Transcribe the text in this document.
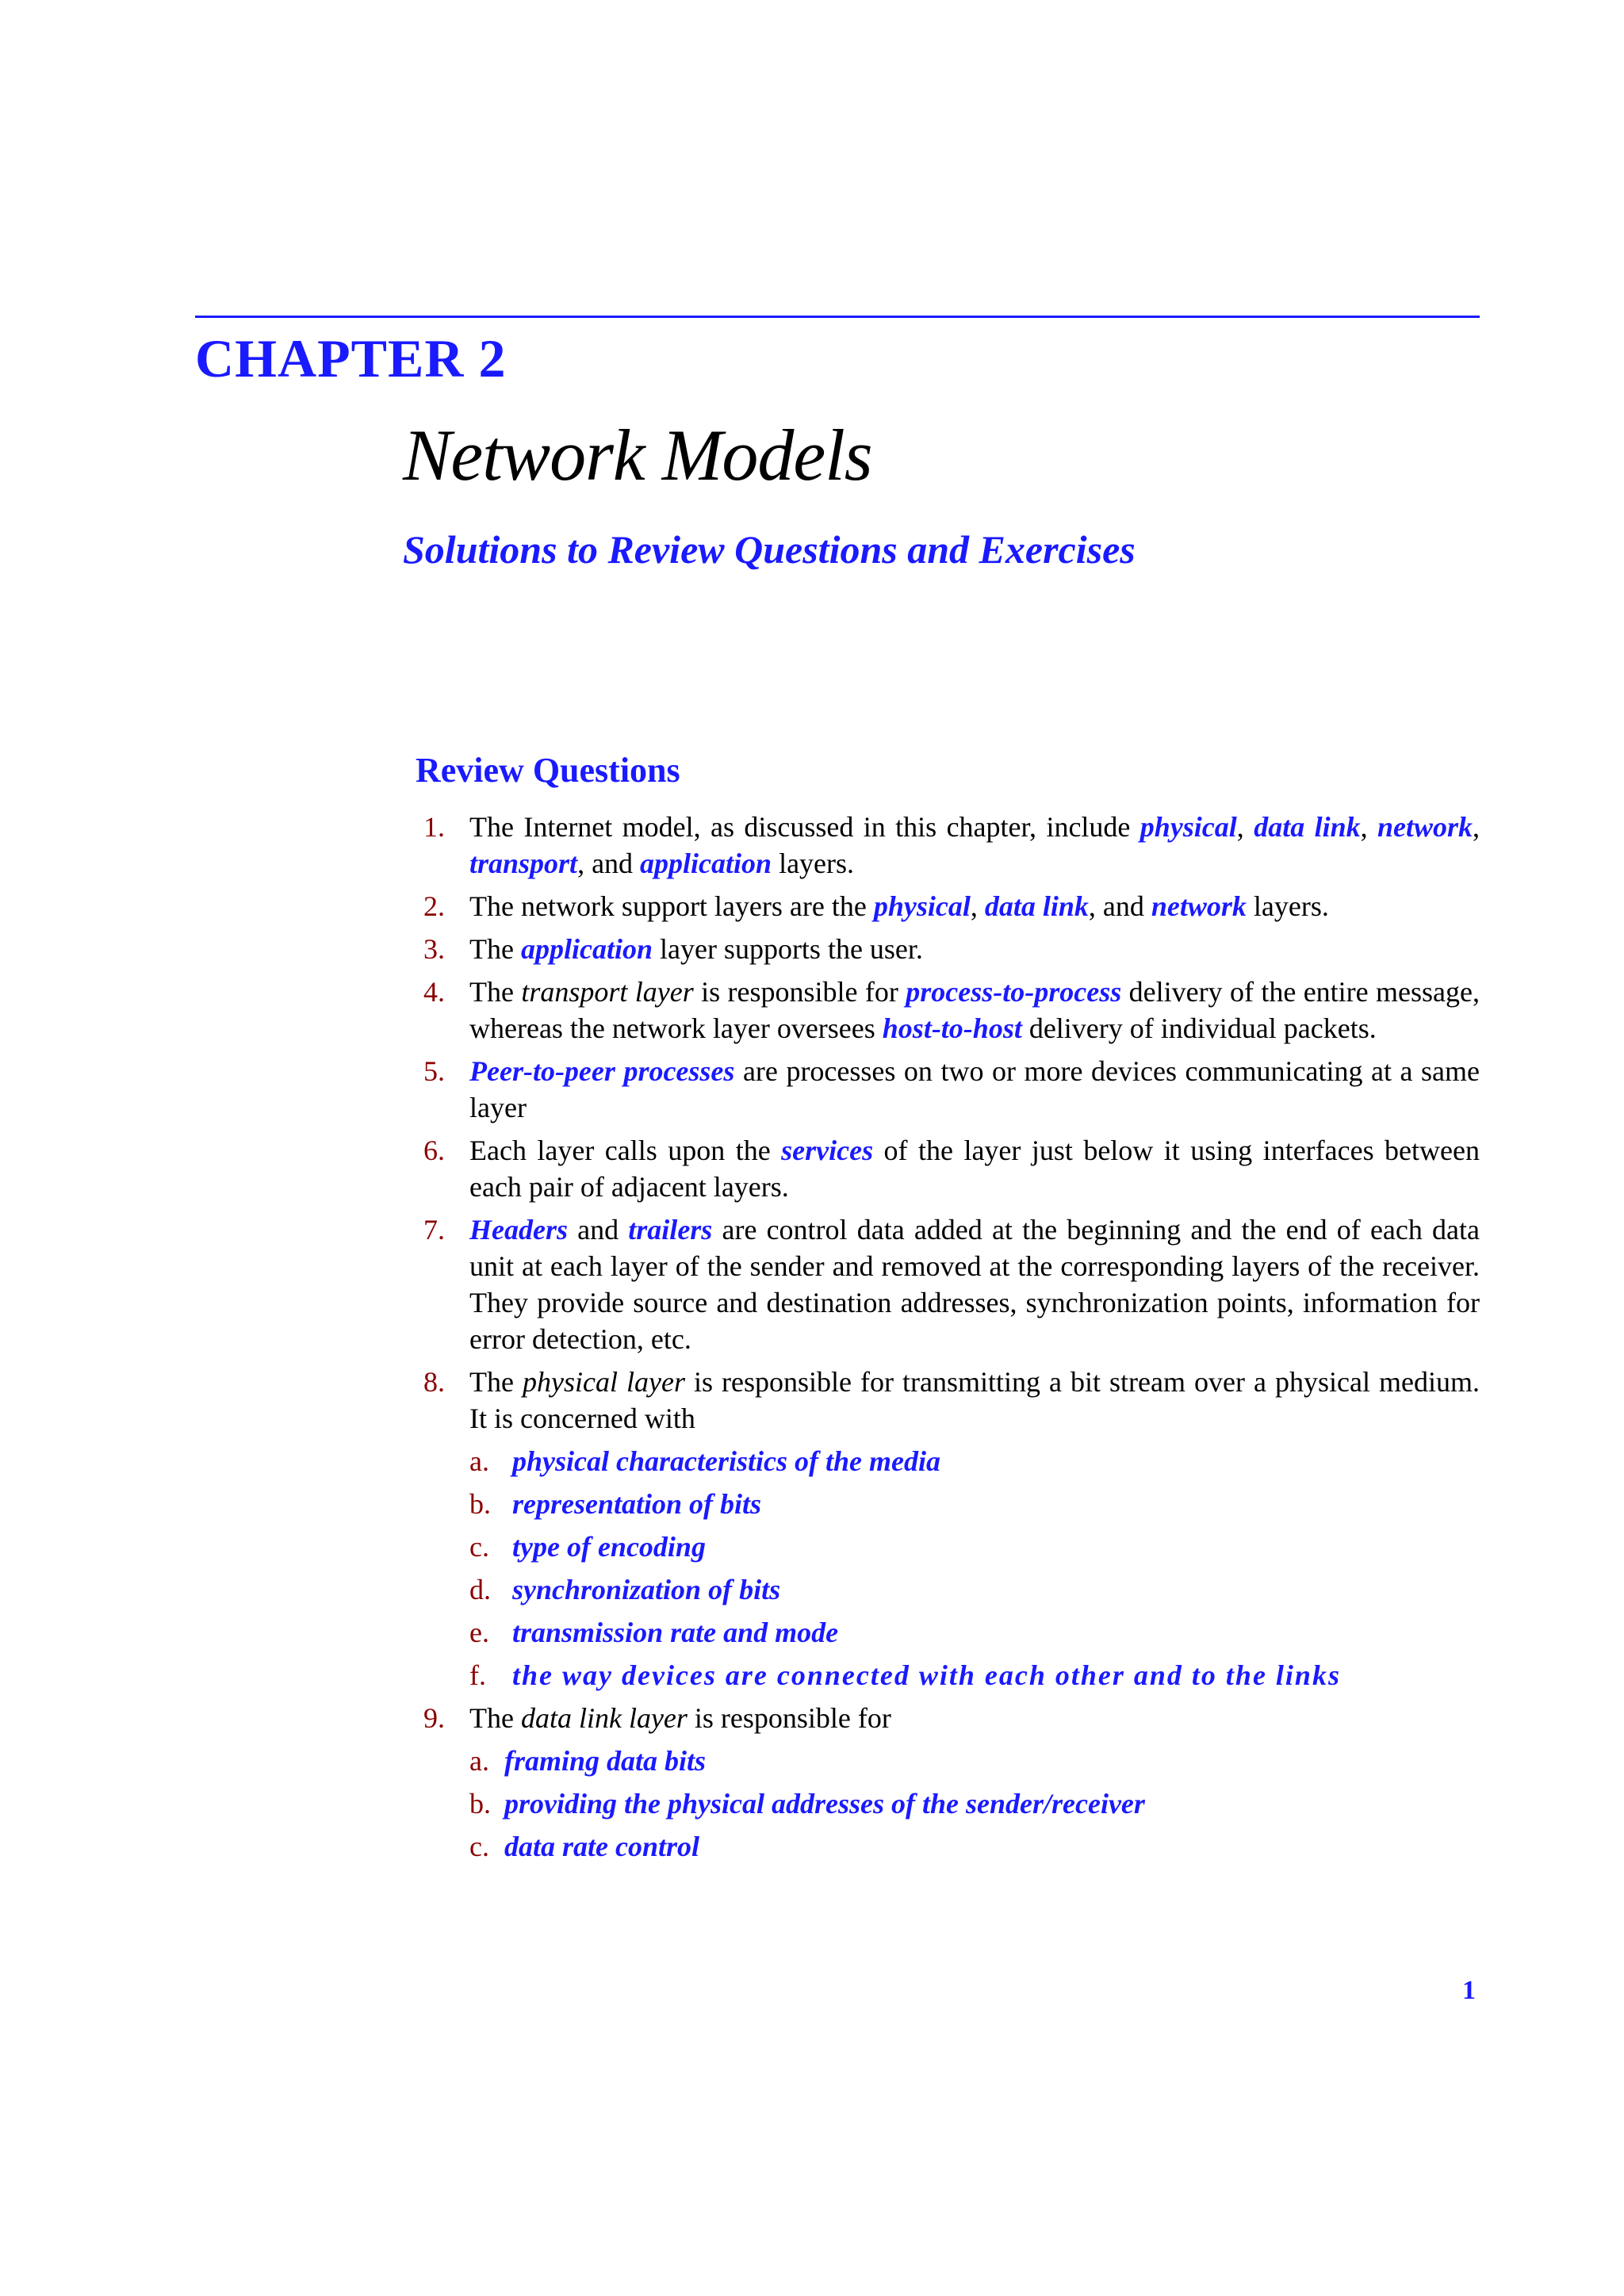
CHAPTER 2
Network Models
Solutions to Review Questions and Exercises
Review Questions
1. The Internet model, as discussed in this chapter, include physical, data link, network, transport, and application layers.
2. The network support layers are the physical, data link, and network layers.
3. The application layer supports the user.
4. The transport layer is responsible for process-to-process delivery of the entire message, whereas the network layer oversees host-to-host delivery of individual packets.
5. Peer-to-peer processes are processes on two or more devices communicating at a same layer
6. Each layer calls upon the services of the layer just below it using interfaces between each pair of adjacent layers.
7. Headers and trailers are control data added at the beginning and the end of each data unit at each layer of the sender and removed at the corresponding layers of the receiver. They provide source and destination addresses, synchronization points, information for error detection, etc.
8. The physical layer is responsible for transmitting a bit stream over a physical medium. It is concerned with
a. physical characteristics of the media
b. representation of bits
c. type of encoding
d. synchronization of bits
e. transmission rate and mode
f. the way devices are connected with each other and to the links
9. The data link layer is responsible for
a. framing data bits
b. providing the physical addresses of the sender/receiver
c. data rate control
1
